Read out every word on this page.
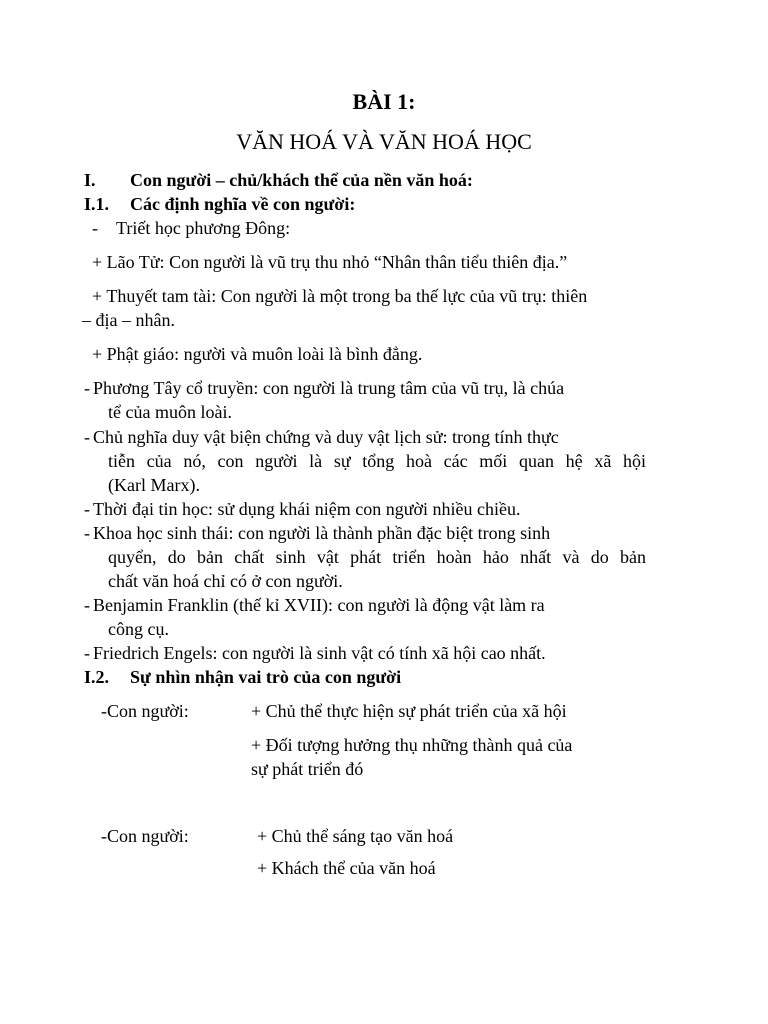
BÀI 1:
VĂN HOÁ VÀ VĂN HOÁ HỌC
I. Con người – chủ/khách thể của nền văn hoá:
I.1. Các định nghĩa về con người:
- Triết học phương Đông:
+ Lão Tử: Con người là vũ trụ thu nhỏ “Nhân thân tiểu thiên địa.”
+ Thuyết tam tài: Con người là một trong ba thế lực của vũ trụ: thiên
– địa – nhân.
+ Phật giáo: người và muôn loài là bình đẳng.
- Phương Tây cổ truyền: con người là trung tâm của vũ trụ, là chúa
tể của muôn loài.
- Chủ nghĩa duy vật biện chứng và duy vật lịch sử: trong tính thực
tiễn của nó, con người là sự tổng hoà các mối quan hệ xã hội
(Karl Marx).
- Thời đại tin học: sử dụng khái niệm con người nhiều chiều.
- Khoa học sinh thái: con người là thành phần đặc biệt trong sinh
quyển, do bản chất sinh vật phát triển hoàn hảo nhất và do bản
chất văn hoá chỉ có ở con người.
- Benjamin Franklin (thế kỉ XVII): con người là động vật làm ra
công cụ.
- Friedrich Engels: con người là sinh vật có tính xã hội cao nhất.
I.2. Sự nhìn nhận vai trò của con người
-Con người:	+ Chủ thể thực hiện sự phát triển của xã hội
+ Đối tượng hưởng thụ những thành quả của
sự phát triển đó
-Con người:	+ Chủ thể sáng tạo văn hoá
+ Khách thể của văn hoá
